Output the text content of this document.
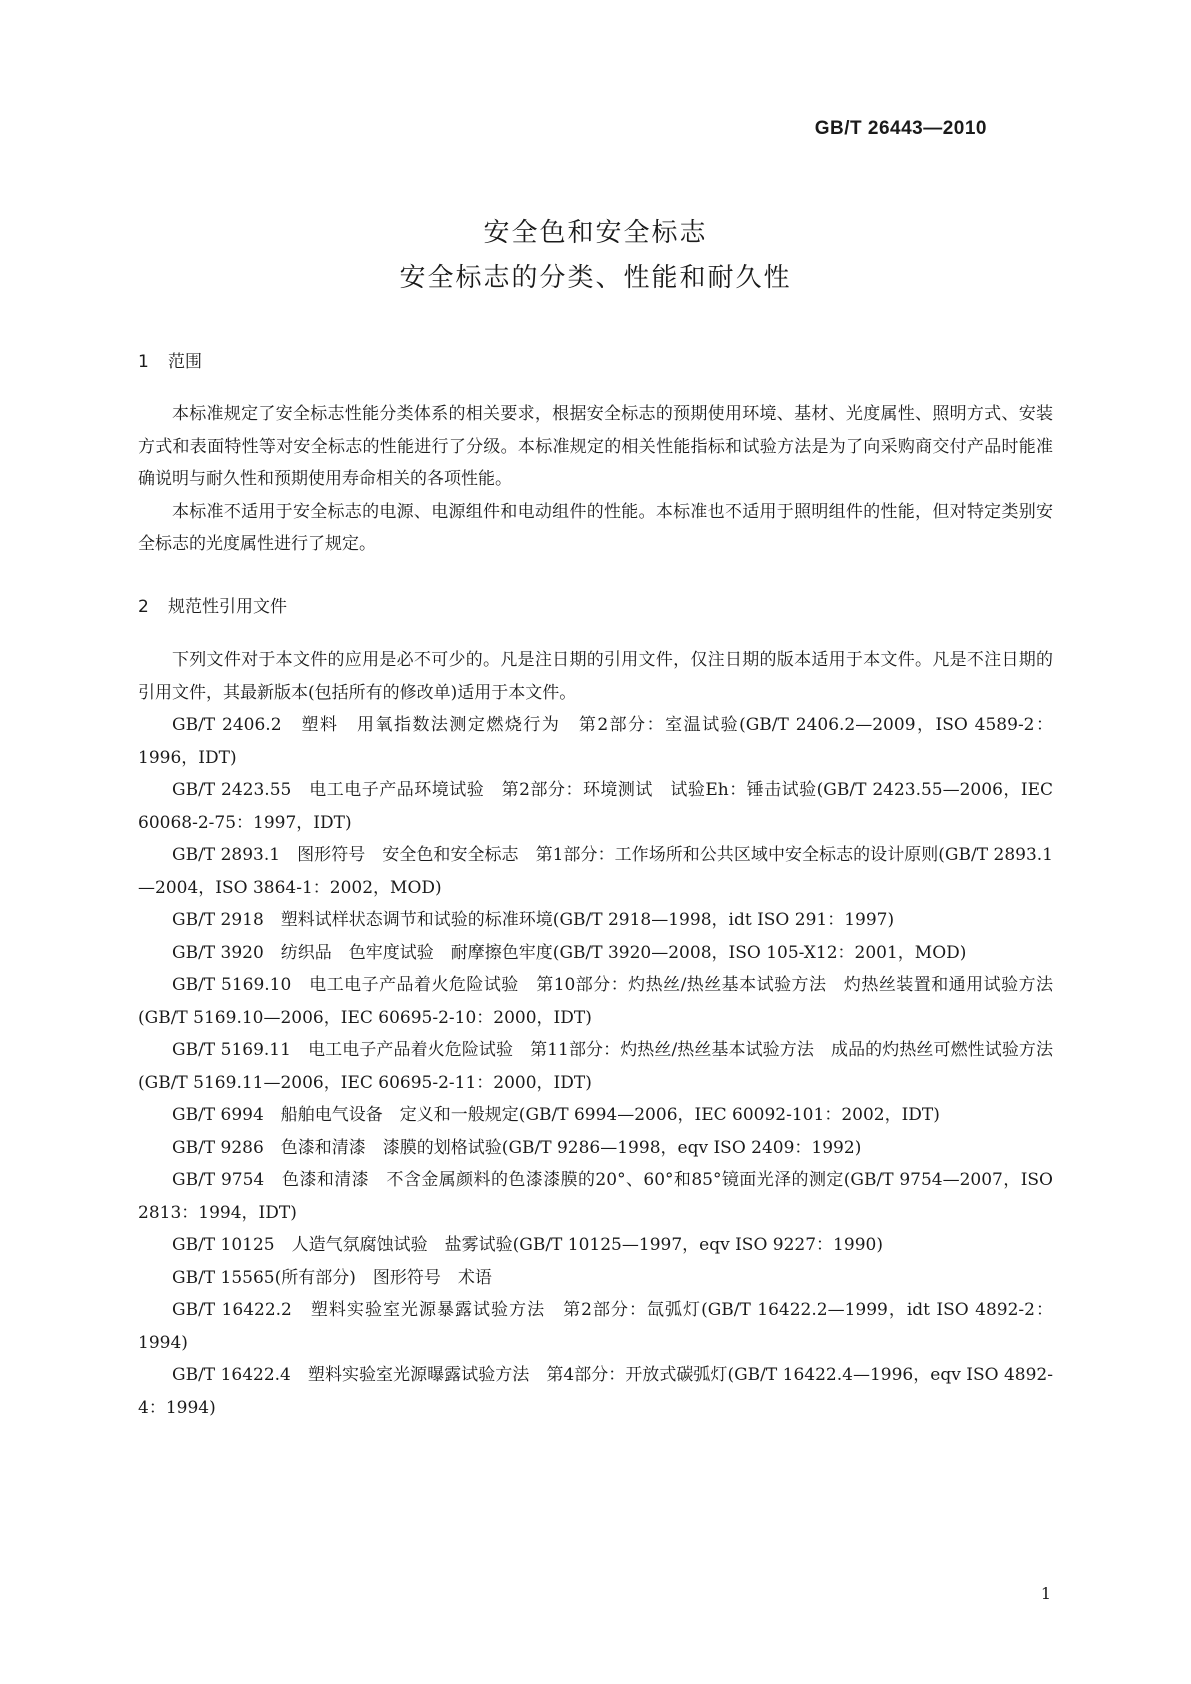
GB/T 26443—2010
安全色和安全标志
安全标志的分类、性能和耐久性
1 范围

本标准规定了安全标志性能分类体系的相关要求，根据安全标志的预期使用环境、基材、光度属性、照明方式、安装方式和表面特性等对安全标志的性能进行了分级。本标准规定的相关性能指标和试验方法是为了向采购商交付产品时能准确说明与耐久性和预期使用寿命相关的各项性能。

本标准不适用于安全标志的电源、电源组件和电动组件的性能。本标准也不适用于照明组件的性能，但对特定类别安全标志的光度属性进行了规定。

2 规范性引用文件

下列文件对于本文件的应用是必不可少的。凡是注日期的引用文件，仅注日期的版本适用于本文件。凡是不注日期的引用文件，其最新版本(包括所有的修改单)适用于本文件。

GB/T 2406.2　塑料　用氧指数法测定燃烧行为　第2部分：室温试验(GB/T 2406.2—2009，ISO 4589-2：1996，IDT)

GB/T 2423.55　电工电子产品环境试验　第2部分：环境测试　试验Eh：锤击试验(GB/T 2423.55—2006，IEC 60068-2-75：1997，IDT)

GB/T 2893.1　图形符号　安全色和安全标志　第1部分：工作场所和公共区域中安全标志的设计原则(GB/T 2893.1—2004，ISO 3864-1：2002，MOD)

GB/T 2918　塑料试样状态调节和试验的标准环境(GB/T 2918—1998，idt ISO 291：1997)

GB/T 3920　纺织品　色牢度试验　耐摩擦色牢度(GB/T 3920—2008，ISO 105-X12：2001，MOD)

GB/T 5169.10　电工电子产品着火危险试验　第10部分：灼热丝/热丝基本试验方法　灼热丝装置和通用试验方法(GB/T 5169.10—2006，IEC 60695-2-10：2000，IDT)

GB/T 5169.11　电工电子产品着火危险试验　第11部分：灼热丝/热丝基本试验方法　成品的灼热丝可燃性试验方法(GB/T 5169.11—2006，IEC 60695-2-11：2000，IDT)

GB/T 6994　船舶电气设备　定义和一般规定(GB/T 6994—2006，IEC 60092-101：2002，IDT)

GB/T 9286　色漆和清漆　漆膜的划格试验(GB/T 9286—1998，eqv ISO 2409：1992)

GB/T 9754　色漆和清漆　不含金属颜料的色漆漆膜的20°、60°和85°镜面光泽的测定(GB/T 9754—2007，ISO 2813：1994，IDT)

GB/T 10125　人造气氛腐蚀试验　盐雾试验(GB/T 10125—1997，eqv ISO 9227：1990)

GB/T 15565(所有部分)　图形符号　术语

GB/T 16422.2　塑料实验室光源暴露试验方法　第2部分：氙弧灯(GB/T 16422.2—1999，idt ISO 4892-2：1994)

GB/T 16422.4　塑料实验室光源曝露试验方法　第4部分：开放式碳弧灯(GB/T 16422.4—1996，eqv ISO 4892-4：1994)

1
